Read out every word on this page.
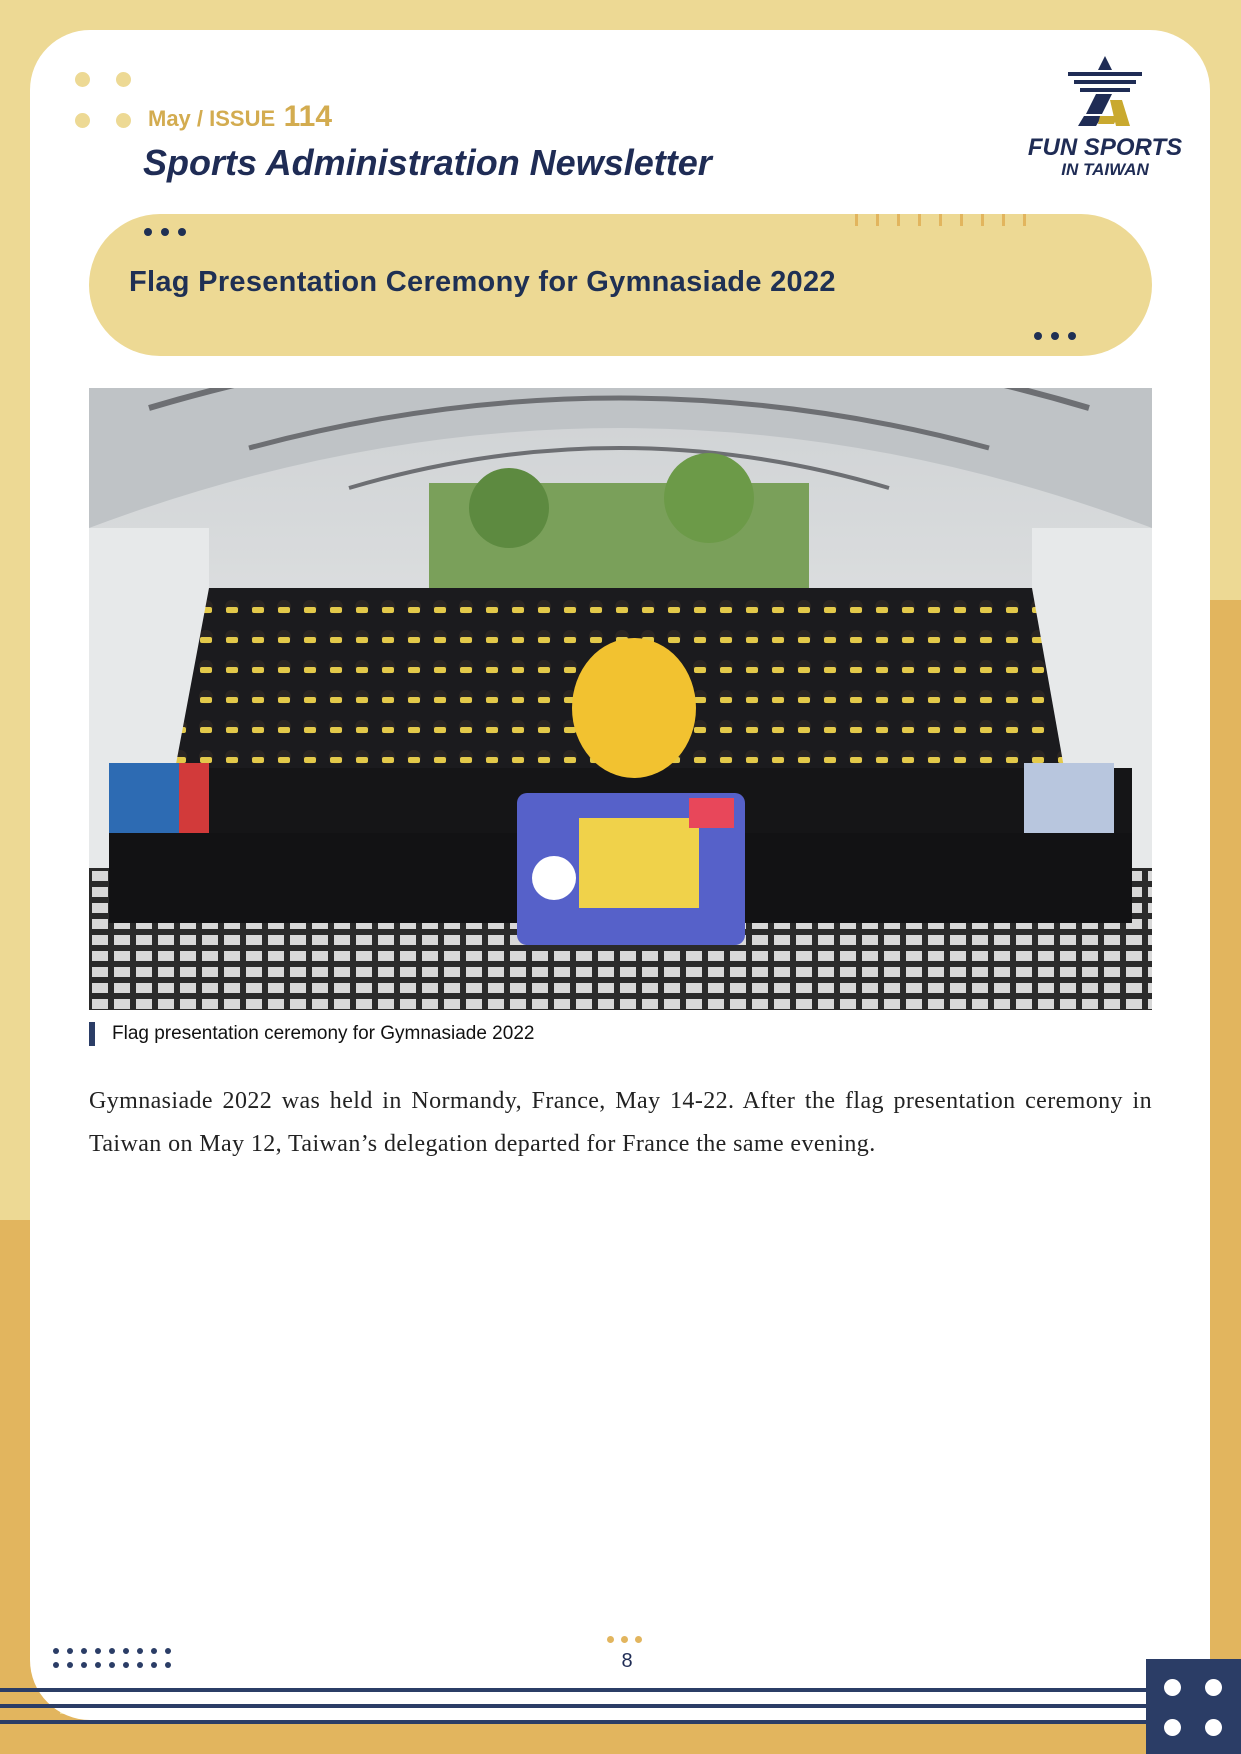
May / ISSUE 114
Sports Administration Newsletter	FUN SPORTS
IN TAIWAN
Flag Presentation Ceremony for Gymnasiade 2022
Flag presentation ceremony for Gymnasiade 2022
Gymnasiade 2022 was held in Normandy, France, May 14-22. After the flag presentation ceremony in Taiwan on May 12, Taiwan’s delegation departed for France the same evening.
8
